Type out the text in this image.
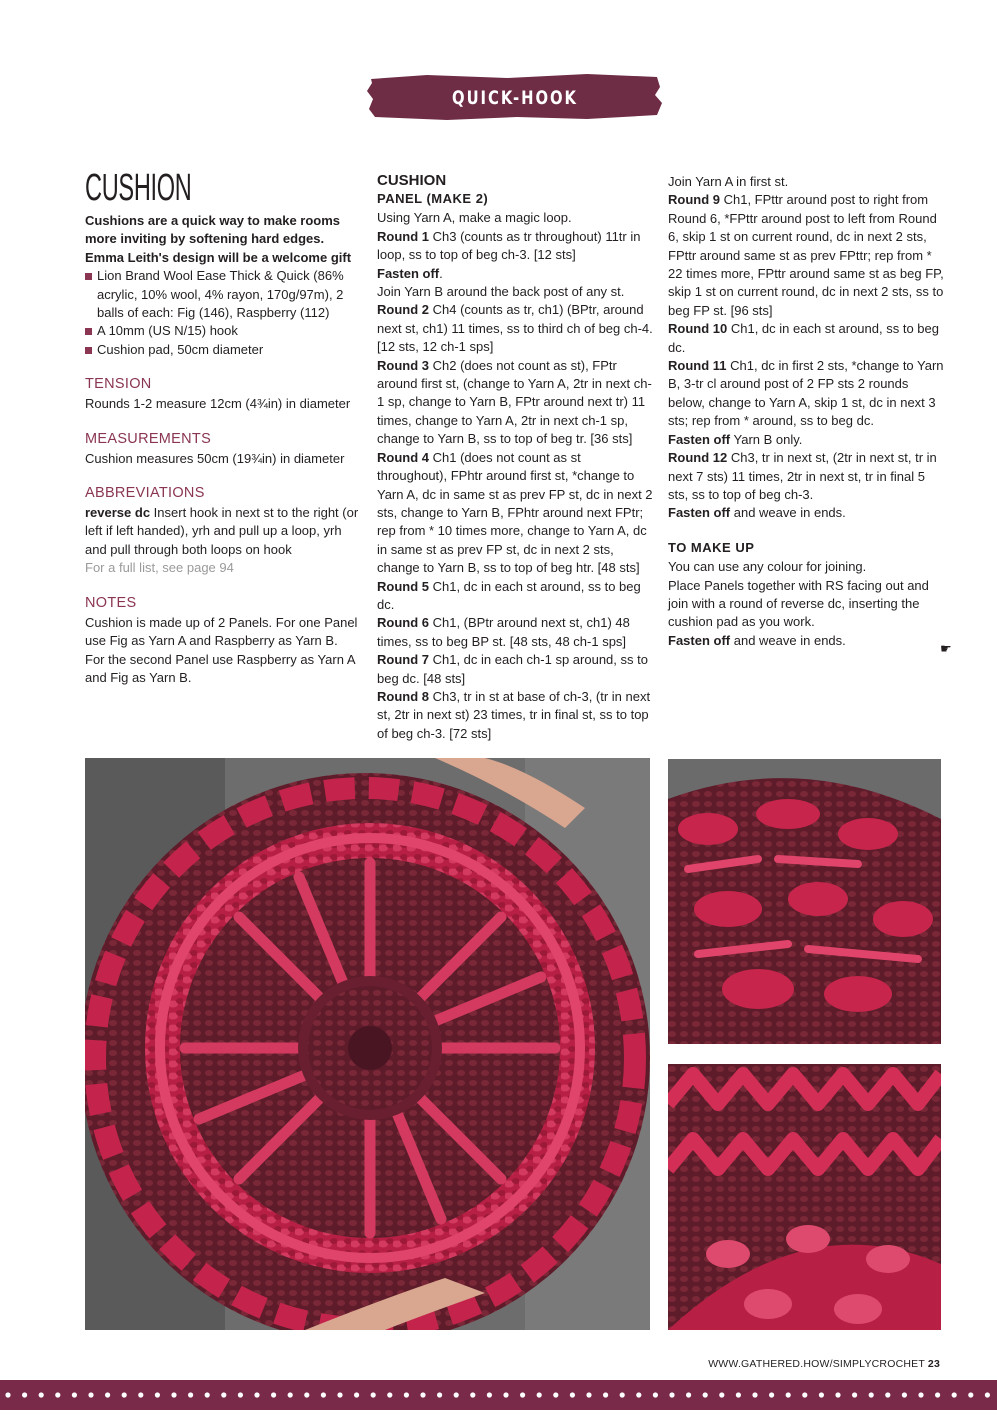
QUICK-HOOK COLLECTION
CUSHION

Cushions are a quick way to make rooms more inviting by softening hard edges. Emma Leith's design will be a welcome gift

Lion Brand Wool Ease Thick & Quick (86% acrylic, 10% wool, 4% rayon, 170g/97m), 2 balls of each: Fig (146), Raspberry (112)
A 10mm (US N/15) hook
Cushion pad, 50cm diameter
TENSION

Rounds 1-2 measure 12cm (4¾in) in diameter

MEASUREMENTS

Cushion measures 50cm (19¾in) in diameter

ABBREVIATIONS

reverse dc Insert hook in next st to the right (or left if left handed), yrh and pull up a loop, yrh and pull through both loops on hook

For a full list, see page 94

NOTES

Cushion is made up of 2 Panels. For one Panel use Fig as Yarn A and Raspberry as Yarn B. For the second Panel use Raspberry as Yarn A and Fig as Yarn B.

CUSHION
PANEL (MAKE 2)

Using Yarn A, make a magic loop.

Round 1 Ch3 (counts as tr throughout) 11tr in loop, ss to top of beg ch-3. [12 sts]

Fasten off.

Join Yarn B around the back post of any st.

Round 2 Ch4 (counts as tr, ch1) (BPtr, around next st, ch1) 11 times, ss to third ch of beg ch-4. [12 sts, 12 ch-1 sps]

Round 3 Ch2 (does not count as st), FPtr around first st, (change to Yarn A, 2tr in next ch-1 sp, change to Yarn B, FPtr around next tr) 11 times, change to Yarn A, 2tr in next ch-1 sp, change to Yarn B, ss to top of beg tr. [36 sts]

Round 4 Ch1 (does not count as st throughout), FPhtr around first st, *change to Yarn A, dc in same st as prev FP st, dc in next 2 sts, change to Yarn B, FPhtr around next FPtr; rep from * 10 times more, change to Yarn A, dc in same st as prev FP st, dc in next 2 sts, change to Yarn B, ss to top of beg htr. [48 sts]

Round 5 Ch1, dc in each st around, ss to beg dc.

Round 6 Ch1, (BPtr around next st, ch1) 48 times, ss to beg BP st. [48 sts, 48 ch-1 sps]

Round 7 Ch1, dc in each ch-1 sp around, ss to beg dc. [48 sts]

Round 8 Ch3, tr in st at base of ch-3, (tr in next st, 2tr in next st) 23 times, tr in final st, ss to top of beg ch-3. [72 sts]

Join Yarn A in first st.

Round 9 Ch1, FPttr around post to right from Round 6, *FPttr around post to left from Round 6, skip 1 st on current round, dc in next 2 sts, FPttr around same st as prev FPttr; rep from * 22 times more, FPttr around same st as beg FP, skip 1 st on current round, dc in next 2 sts, ss to beg FP st. [96 sts]

Round 10 Ch1, dc in each st around, ss to beg dc.

Round 11 Ch1, dc in first 2 sts, *change to Yarn B, 3-tr cl around post of 2 FP sts 2 rounds below, change to Yarn A, skip 1 st, dc in next 3 sts; rep from * around, ss to beg dc.

Fasten off Yarn B only.

Round 12 Ch3, tr in next st, (2tr in next st, tr in next 7 sts) 11 times, 2tr in next st, tr in final 5 sts, ss to top of beg ch-3.

Fasten off and weave in ends.

TO MAKE UP

You can use any colour for joining.

Place Panels together with RS facing out and join with a round of reverse dc, inserting the cushion pad as you work.

Fasten off and weave in ends.

☛
WWW.GATHERED.HOW/SIMPLYCROCHET 23
